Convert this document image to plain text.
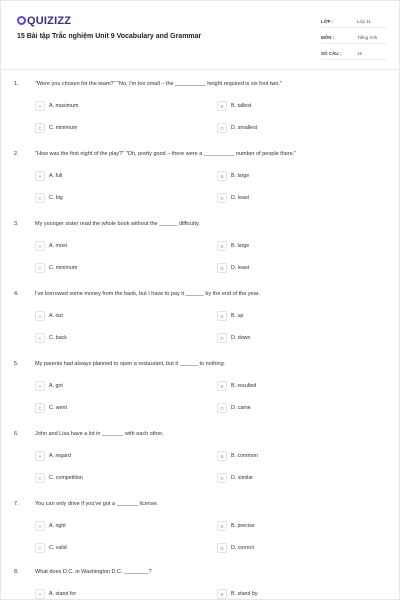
QUIZIZZ
15 Bài tập Trắc nghiệm Unit 9 Vocabulary and Grammar
LỚP :	Lớp 11
MÔN :	Tiếng Anh
SỐ CÂU :	15
1.	"Were you chosen for the team?" "No, I'm too small – the __________ height required is six foot two."
A	A. maximum	B	B. tallest
C	C. minimum	D	D. smallest
2.	"How was the first night of the play?" "Oh, pretty good – there were a __________ number of people there."
A	A. full	B	B. large
C	C. big	D	D. least
3.	My younger sister read the whole book without the ______ difficulty.
A	A. most	B	B. large
C	C. minimum	D	D. least
4.	I've borrowed some money from the bank, but I have to pay it ______ by the end of the year.
A	A. out	B	B. up
C	C. back	D	D. down
5.	My parents had always planned to open a restaurant, but it ______ to nothing.
A	A. got	B	B. resulted
C	C. went	D	D. came
6.	John and Lisa have a lot in _______ with each other.
A	A. regard	B	B. common
C	C. competition	D	D. similar
7.	You can only drive if you've got a _______ license.
A	A. right	B	B. precise
C	C. valid	D	D. correct
8.	What does D.C. in Washington D.C. ________?
A	A. stand for	B	B. stand by
